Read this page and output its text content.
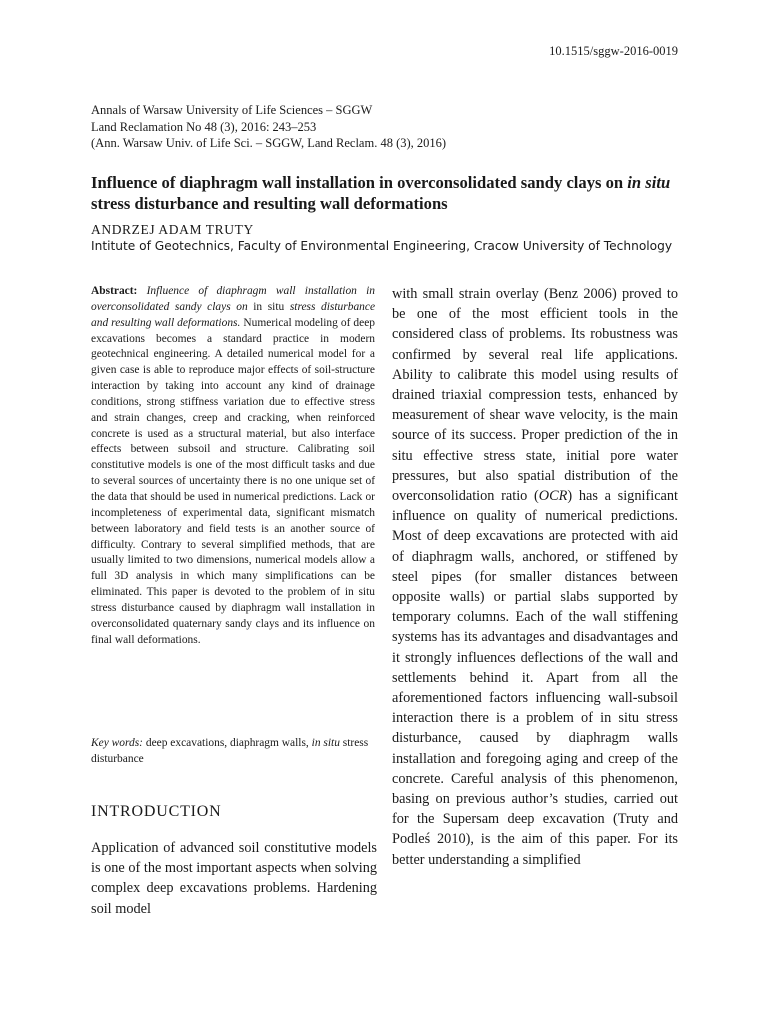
10.1515/sggw-2016-0019
Annals of Warsaw University of Life Sciences – SGGW
Land Reclamation No 48 (3), 2016: 243–253
(Ann. Warsaw Univ. of Life Sci. – SGGW, Land Reclam. 48 (3), 2016)
Influence of diaphragm wall installation in overconsolidated sandy clays on in situ stress disturbance and resulting wall deformations
ANDRZEJ ADAM TRUTY
Intitute of Geotechnics, Faculty of Environmental Engineering, Cracow University of Technology

Abstract: Influence of diaphragm wall installation in overconsolidated sandy clays on in situ stress disturbance and resulting wall deformations. Numerical modeling of deep excavations becomes a standard practice in modern geotechnical engineering. A detailed numerical model for a given case is able to reproduce major effects of soil-structure interaction by taking into account any kind of drainage conditions, strong stiffness variation due to effective stress and strain changes, creep and cracking, when reinforced concrete is used as a structural material, but also interface effects between subsoil and structure. Calibrating soil constitutive models is one of the most difficult tasks and due to several sources of uncertainty there is no one unique set of the data that should be used in numerical predictions. Lack or incompleteness of experimental data, significant mismatch between laboratory and field tests is an another source of difficulty. Contrary to several simplified methods, that are usually limited to two dimensions, numerical models allow a full 3D analysis in which many simplifications can be eliminated. This paper is devoted to the problem of in situ stress disturbance caused by diaphragm wall installation in overconsolidated quaternary sandy clays and its influence on final wall deformations.

Key words: deep excavations, diaphragm walls, in situ stress disturbance

INTRODUCTION

Application of advanced soil constitutive models is one of the most important aspects when solving complex deep excavations problems. Hardening soil model

with small strain overlay (Benz 2006) proved to be one of the most efficient tools in the considered class of problems. Its robustness was confirmed by several real life applications. Ability to calibrate this model using results of drained triaxial compression tests, enhanced by measurement of shear wave velocity, is the main source of its success. Proper prediction of the in situ effective stress state, initial pore water pressures, but also spatial distribution of the overconsolidation ratio (OCR) has a significant influence on quality of numerical predictions. Most of deep excavations are protected with aid of diaphragm walls, anchored, or stiffened by steel pipes (for smaller distances between opposite walls) or partial slabs supported by temporary columns. Each of the wall stiffening systems has its advantages and disadvantages and it strongly influences deflections of the wall and settlements behind it. Apart from all the aforementioned factors influencing wall-subsoil interaction there is a problem of in situ stress disturbance, caused by diaphragm walls installation and foregoing aging and creep of the concrete. Careful analysis of this phenomenon, basing on previous author’s studies, carried out for the Supersam deep excavation (Truty and Podleś 2010), is the aim of this paper. For its better understanding a simplified
